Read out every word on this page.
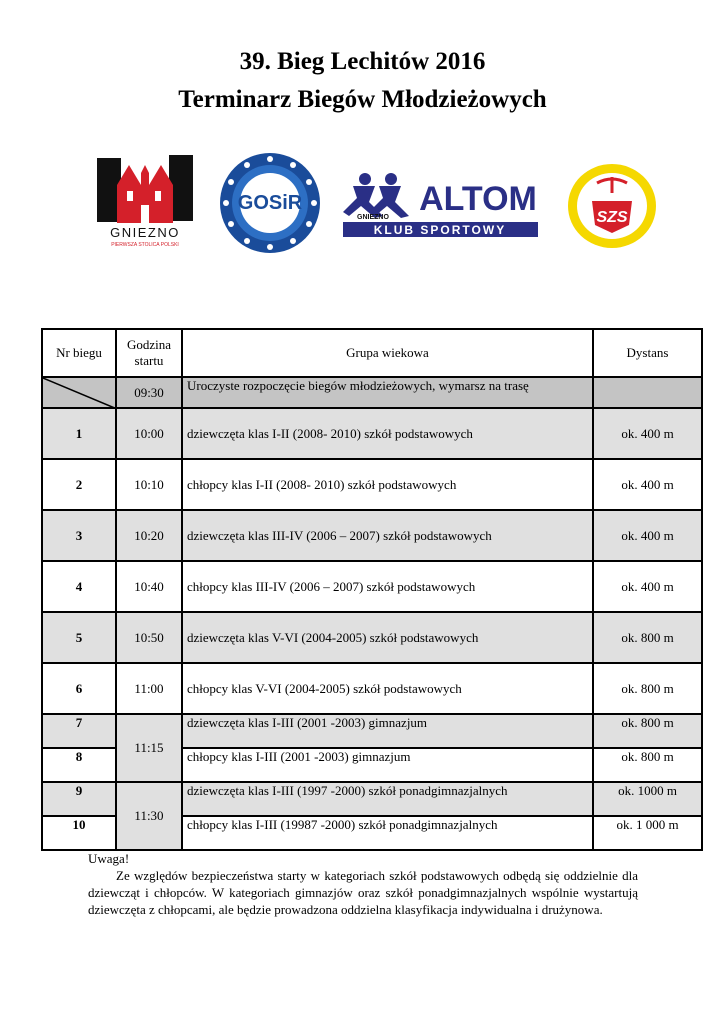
39. Bieg Lechitów 2016
Terminarz Biegów Młodzieżowych
GNIEZNO
PIERWSZA STOLICA POLSKI
GOSiR	ALTOM
GNIEZNO
KLUB SPORTOWY
SZS
Nr biegu	Godzina startu	Grupa wiekowa	Dystans

	09:30	Uroczyste rozpoczęcie biegów młodzieżowych, wymarsz na trasę	
1	10:00	dziewczęta klas I-II (2008- 2010) szkół podstawowych	ok. 400 m
2	10:10	chłopcy klas I-II (2008- 2010) szkół podstawowych	ok. 400 m
3	10:20	dziewczęta klas III-IV (2006 – 2007) szkół podstawowych	ok. 400 m
4	10:40	chłopcy klas III-IV (2006 – 2007) szkół podstawowych	ok. 400 m
5	10:50	dziewczęta klas V-VI (2004-2005) szkół podstawowych	ok. 800 m
6	11:00	chłopcy klas V-VI (2004-2005) szkół podstawowych	ok. 800 m
7	11:15	dziewczęta klas I-III (2001 -2003) gimnazjum	ok. 800 m
8		chłopcy klas I-III (2001 -2003) gimnazjum	ok. 800 m
9	11:30	dziewczęta klas I-III (1997 -2000) szkół ponadgimnazjalnych	ok. 1000 m
10		chłopcy klas I-III (19987 -2000) szkół ponadgimnazjalnych	ok. 1 000 m
Uwaga!

Ze względów bezpieczeństwa starty w kategoriach szkół podstawowych odbędą się oddzielnie dla dziewcząt i chłopców. W kategoriach gimnazjów oraz szkół ponadgimnazjalnych wspólnie wystartują dziewczęta z chłopcami, ale będzie prowadzona oddzielna klasyfikacja indywidualna i drużynowa.
